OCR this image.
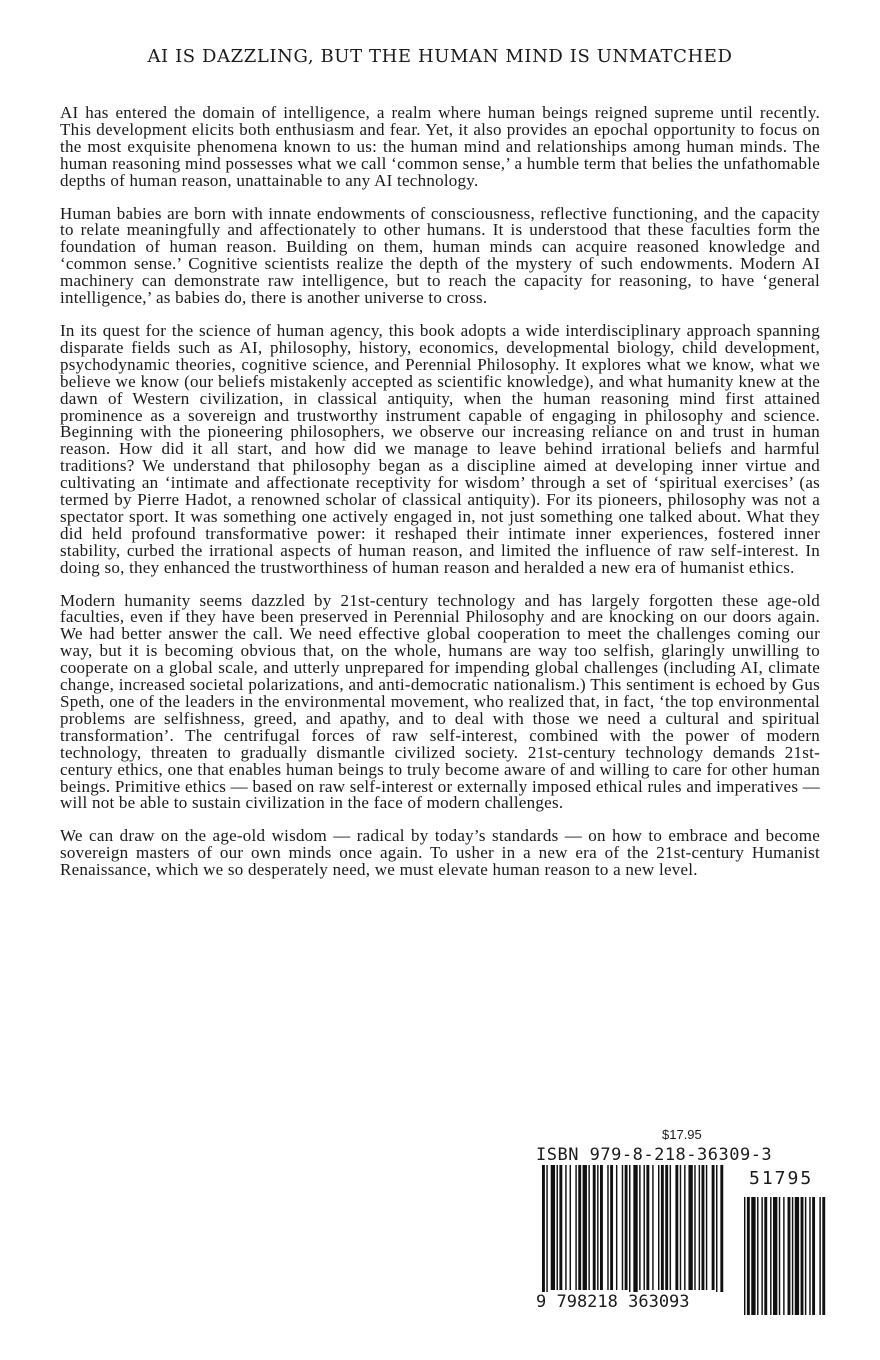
AI IS DAZZLING, BUT THE HUMAN MIND IS UNMATCHED

AI has entered the domain of intelligence, a realm where human beings reigned supreme until recently. This development elicits both enthusiasm and fear. Yet, it also provides an epochal opportunity to focus on the most exquisite phenomena known to us: the human mind and relationships among human minds. The human reasoning mind possesses what we call ‘common sense,’ a humble term that belies the unfathomable depths of human reason, unattainable to any AI technology.

Human babies are born with innate endowments of consciousness, reflective functioning, and the capacity to relate meaningfully and affectionately to other humans. It is understood that these faculties form the foundation of human reason. Building on them, human minds can acquire reasoned knowledge and ‘common sense.’ Cognitive scientists realize the depth of the mystery of such endowments. Modern AI machinery can demonstrate raw intelligence, but to reach the capacity for reasoning, to have ‘general intelligence,’ as babies do, there is another universe to cross.

In its quest for the science of human agency, this book adopts a wide interdisciplinary approach spanning disparate fields such as AI, philosophy, history, economics, developmental biology, child development, psychodynamic theories, cognitive science, and Perennial Philosophy. It explores what we know, what we believe we know (our beliefs mistakenly accepted as scientific knowledge), and what humanity knew at the dawn of Western civilization, in classical antiquity, when the human reasoning mind first attained prominence as a sovereign and trustworthy instrument capable of engaging in philosophy and science. Beginning with the pioneering philosophers, we observe our increasing reliance on and trust in human reason. How did it all start, and how did we manage to leave behind irrational beliefs and harmful traditions? We understand that philosophy began as a discipline aimed at developing inner virtue and cultivating an ‘intimate and affectionate receptivity for wisdom’ through a set of ‘spiritual exercises’ (as termed by Pierre Hadot, a renowned scholar of classical antiquity). For its pioneers, philosophy was not a spectator sport. It was something one actively engaged in, not just something one talked about. What they did held profound transformative power: it reshaped their intimate inner experiences, fostered inner stability, curbed the irrational aspects of human reason, and limited the influence of raw self-interest. In doing so, they enhanced the trustworthiness of human reason and heralded a new era of humanist ethics.

Modern humanity seems dazzled by 21st-century technology and has largely forgotten these age-old faculties, even if they have been preserved in Perennial Philosophy and are knocking on our doors again. We had better answer the call. We need effective global cooperation to meet the challenges coming our way, but it is becoming obvious that, on the whole, humans are way too selfish, glaringly unwilling to cooperate on a global scale, and utterly unprepared for impending global challenges (including AI, climate change, increased societal polarizations, and anti-democratic nationalism.) This sentiment is echoed by Gus Speth, one of the leaders in the environmental movement, who realized that, in fact, ‘the top environmental problems are selfishness, greed, and apathy, and to deal with those we need a cultural and spiritual transformation’. The centrifugal forces of raw self-interest, combined with the power of modern technology, threaten to gradually dismantle civilized society. 21st-century technology demands 21st-century ethics, one that enables human beings to truly become aware of and willing to care for other human beings. Primitive ethics — based on raw self-interest or externally imposed ethical rules and imperatives — will not be able to sustain civilization in the face of modern challenges.

We can draw on the age-old wisdom — radical by today’s standards — on how to embrace and become sovereign masters of our own minds once again. To usher in a new era of the 21st-century Humanist Renaissance, which we so desperately need, we must elevate human reason to a new level.

$17.95
ISBN 979-8-218-36309-3
51795
9 798218 363093
